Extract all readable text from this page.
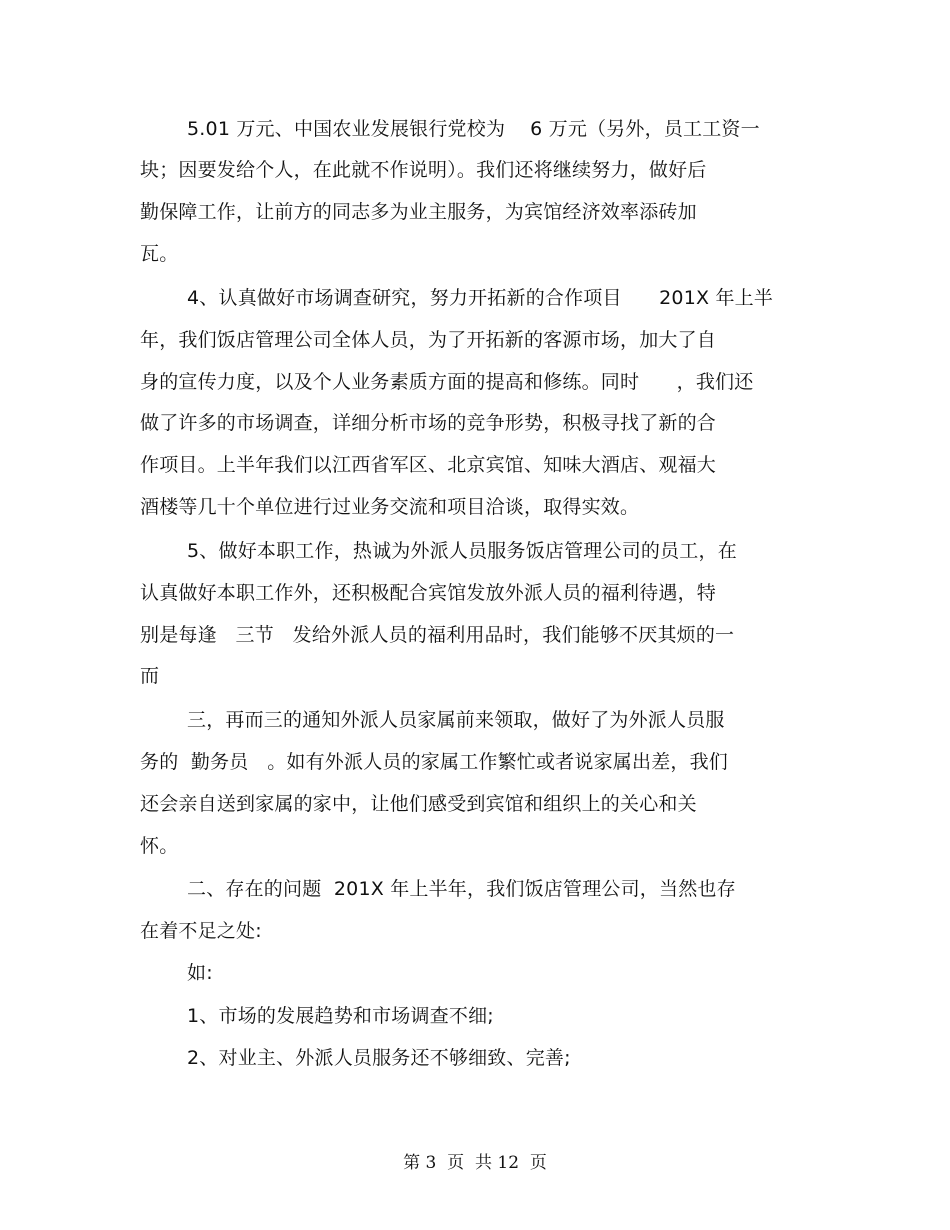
5.01 万元、中国农业发展银行党校为    6 万元（另外，员工工资一
块；因要发给个人，在此就不作说明）。我们还将继续努力，做好后
勤保障工作，让前方的同志多为业主服务，为宾馆经济效率添砖加
瓦。
4、认真做好市场调查研究，努力开拓新的合作项目      201X 年上半
年，我们饭店管理公司全体人员，为了开拓新的客源市场，加大了自
身的宣传力度，以及个人业务素质方面的提高和修练。同时      ，我们还
做了许多的市场调查，详细分析市场的竞争形势，积极寻找了新的合
作项目。上半年我们以江西省军区、北京宾馆、知味大酒店、观福大
酒楼等几十个单位进行过业务交流和项目洽谈，取得实效。
5、做好本职工作，热诚为外派人员服务饭店管理公司的员工，在
认真做好本职工作外，还积极配合宾馆发放外派人员的福利待遇，特
别是每逢   三节   发给外派人员的福利用品时，我们能够不厌其烦的一
而
三，再而三的通知外派人员家属前来领取，做好了为外派人员服
务的  勤务员   。如有外派人员的家属工作繁忙或者说家属出差，我们
还会亲自送到家属的家中，让他们感受到宾馆和组织上的关心和关
怀。
二、存在的问题  201X 年上半年，我们饭店管理公司，当然也存
在着不足之处:
如:
1、市场的发展趋势和市场调查不细;
2、对业主、外派人员服务还不够细致、完善;
第 3  页  共 12  页
